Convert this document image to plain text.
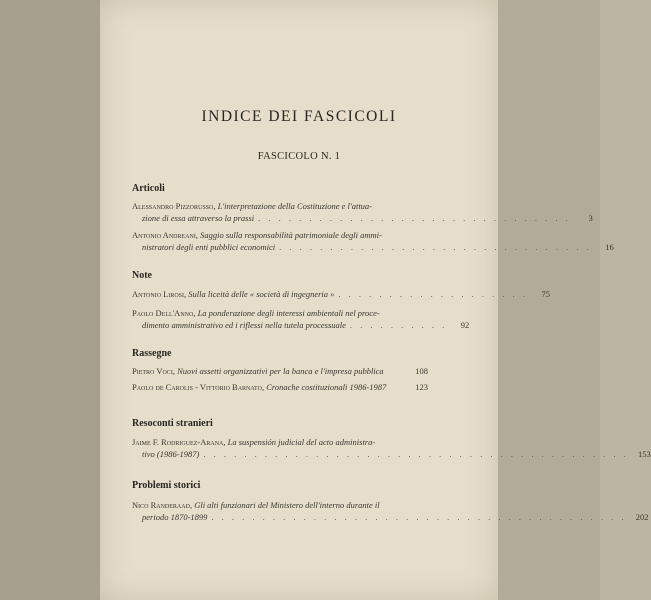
INDICE DEI FASCICOLI
FASCICOLO N. 1
Articoli
Alessandro Pizzorusso, L'interpretazione della Costituzione e l'attua-
zione di essa attraverso la prassi . . . . . . . . . . . . . . . . . . . . . . . . . . . . . . .	3
Antonio Andreani, Saggio sulla responsabilità patrimoniale degli ammi-
nistratori degli enti pubblici economici . . . . . . . . . . . . . . . . . . . . . . . . . . . . . . .	16
Note
Antonio Lirosi, Sulla liceità delle « società di ingegneria » . . . . . . . . . . . . . . . . . . .	75
Paolo Dell'Anno, La ponderazione degli interessi ambientali nel proce-
dimento amministrativo ed i riflessi nella tutela processuale . . . . . . . . . .	92
Rassegne
Pietro Voci, Nuovi assetti organizzativi per la banca e l'impresa pubblica	108
Paolo de Carolis - Vittorio Barnato, Cronache costituzionali 1986-1987	123
Resoconti stranieri
Jaime F. Rodriguez-Arana, La suspensión judicial del acto administra-
tivo (1986-1987) . . . . . . . . . . . . . . . . . . . . . . . . . . . . . . . . . . . . . . . . . .	153
Problemi storici
Nico Randeraad, Gli alti funzionari del Ministero dell'interno durante il
periodo 1870-1899 . . . . . . . . . . . . . . . . . . . . . . . . . . . . . . . . . . . . . . . . .	202
